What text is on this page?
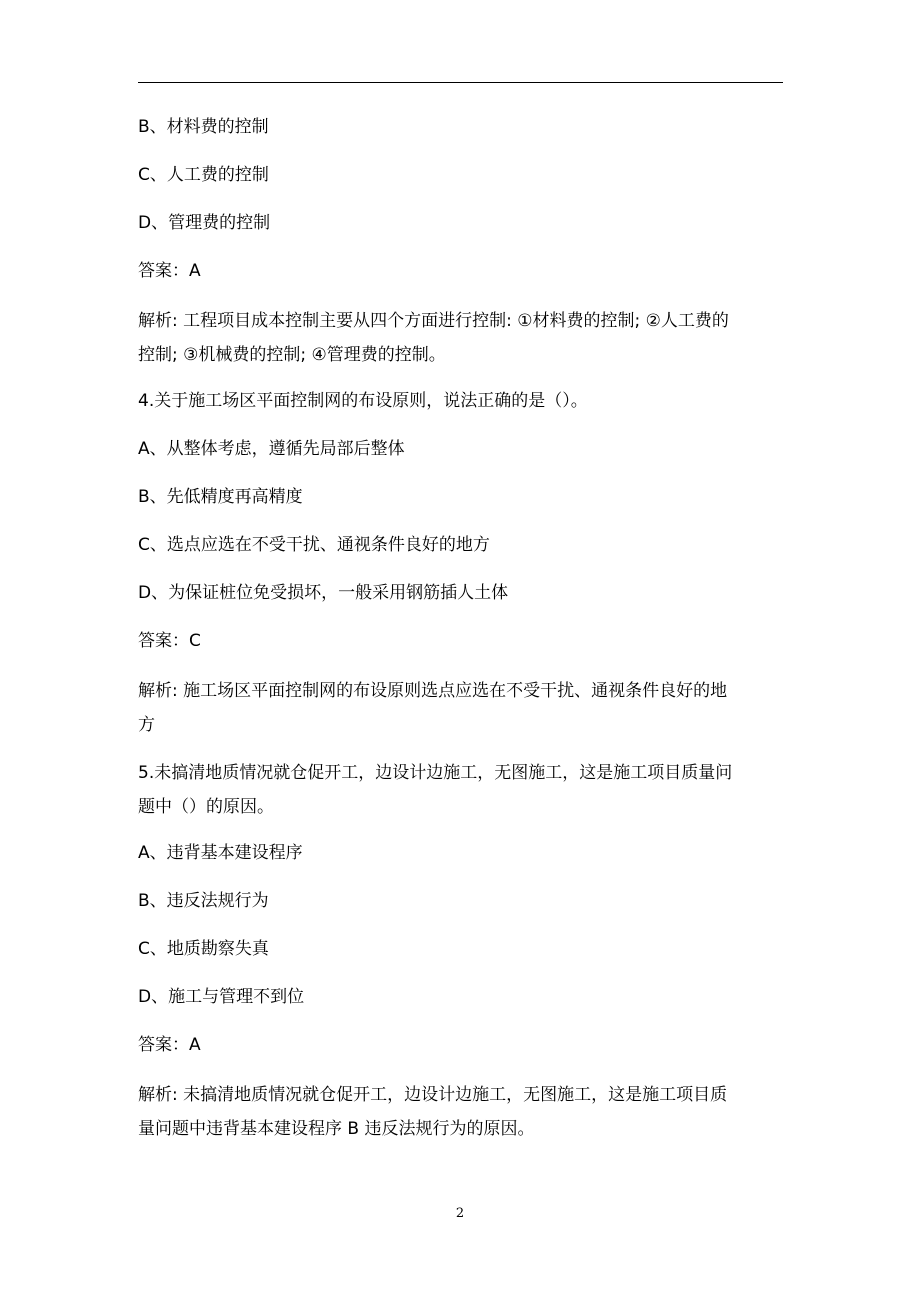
B、材料费的控制
C、人工费的控制
D、管理费的控制
答案：A
解析: 工程项目成本控制主要从四个方面进行控制: ①材料费的控制; ②人工费的
控制; ③机械费的控制; ④管理费的控制。
4.关于施工场区平面控制网的布设原则，说法正确的是（）。
A、从整体考虑，遵循先局部后整体
B、先低精度再高精度
C、选点应选在不受干扰、通视条件良好的地方
D、为保证桩位免受损坏，一般采用钢筋插人土体
答案：C
解析: 施工场区平面控制网的布设原则选点应选在不受干扰、通视条件良好的地
方
5.未搞清地质情况就仓促开工，边设计边施工，无图施工，这是施工项目质量问
题中（）的原因。
A、违背基本建设程序
B、违反法规行为
C、地质勘察失真
D、施工与管理不到位
答案：A
解析: 未搞清地质情况就仓促开工，边设计边施工，无图施工，这是施工项目质
量问题中违背基本建设程序 B 违反法规行为的原因。
2
